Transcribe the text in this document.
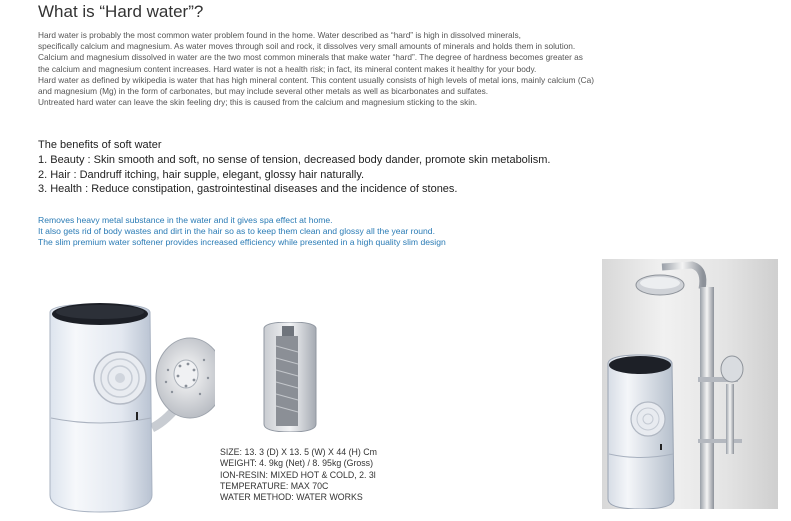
What is “Hard water”?
Hard water is probably the most common water problem found in the home. Water described as “hard” is high in dissolved minerals,
specifically calcium and magnesium. As water moves through soil and rock, it dissolves very small amounts of minerals and holds them in solution.
Calcium and magnesium dissolved in water are the two most common minerals that make water “hard”. The degree of hardness becomes greater as
the calcium and magnesium content increases. Hard water is not a health risk; in fact, its mineral content makes it healthy for your body.
Hard water as defined by wikipedia is water that has high mineral content. This content usually consists of high levels of metal ions, mainly calcium (Ca)
and magnesium (Mg) in the form of carbonates, but may include several other metals as well as bicarbonates and sulfates.
Untreated hard water can leave the skin feeling dry; this is caused from the calcium and magnesium sticking to the skin.
The benefits of soft water
1. Beauty : Skin smooth and soft, no sense of tension, decreased body dander, promote skin metabolism.
2. Hair : Dandruff itching, hair supple, elegant, glossy hair naturally.
3. Health : Reduce constipation, gastrointestinal diseases and the incidence of stones.
Removes heavy metal substance in the water and it gives spa effect at home.
It also gets rid of body wastes and dirt in the hair so as to keep them clean and glossy all the year round.
The slim premium water softener provides increased efficiency while presented in a high quality slim design
SIZE: 13. 3 (D) X 13. 5 (W) X 44 (H) Cm
WEIGHT: 4. 9kg (Net) / 8. 95kg (Gross)
ION-RESIN: MIXED HOT & COLD, 2. 3l
TEMPERATURE: MAX 70C
WATER METHOD: WATER WORKS
